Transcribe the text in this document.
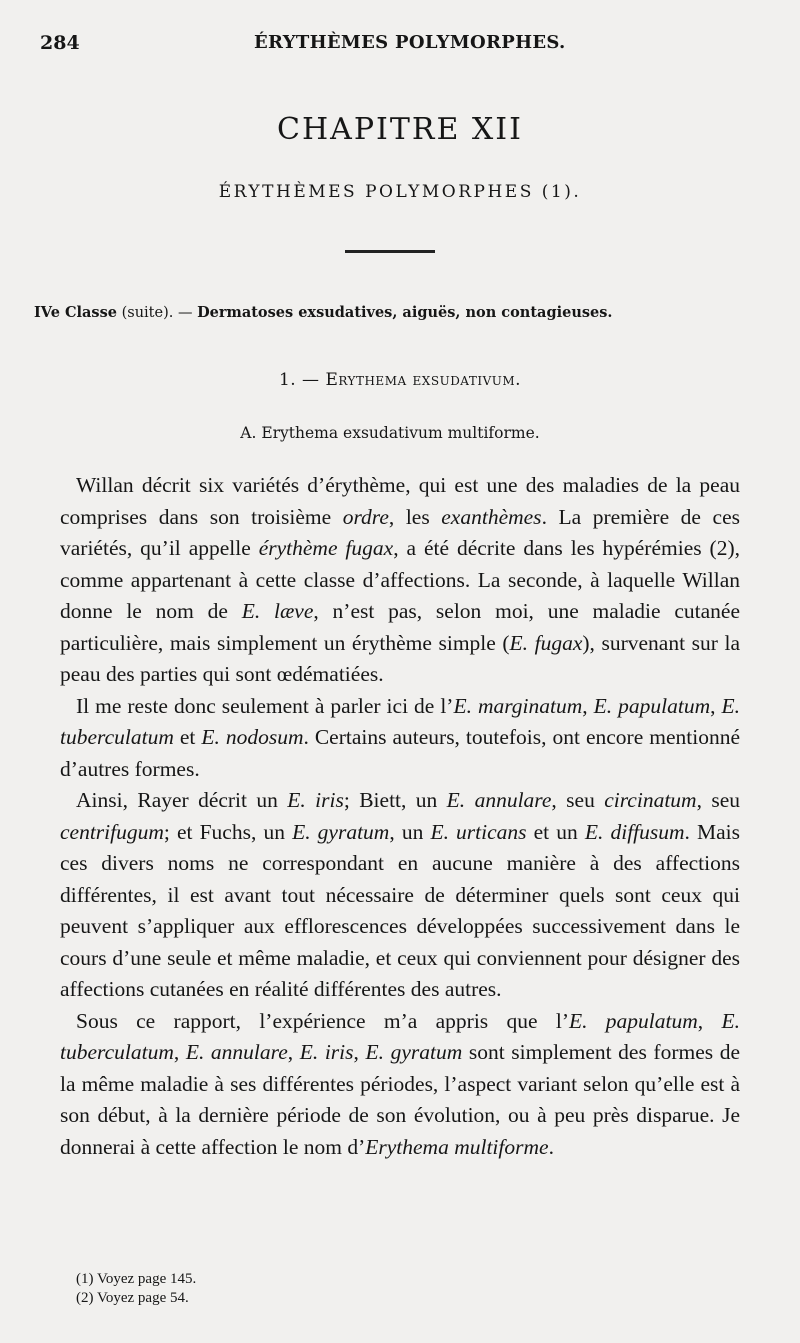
284	ÉRYTHÈMES POLYMORPHES.
CHAPITRE XII
ÉRYTHÈMES POLYMORPHES (1).
IVe Classe (suite). — Dermatoses exsudatives, aiguës, non contagieuses.
1. — Erythema exsudativum.
A. Erythema exsudativum multiforme.

Willan décrit six variétés d’érythème, qui est une des maladies de la peau comprises dans son troisième ordre, les exanthèmes. La première de ces variétés, qu’il appelle érythème fugax, a été décrite dans les hypérémies (2), comme appartenant à cette classe d’affections. La seconde, à laquelle Willan donne le nom de E. læve, n’est pas, selon moi, une maladie cutanée particulière, mais simplement un érythème simple (E. fugax), survenant sur la peau des parties qui sont œdématiées.

Il me reste donc seulement à parler ici de l’E. marginatum, E. papulatum, E. tuberculatum et E. nodosum. Certains auteurs, toutefois, ont encore mentionné d’autres formes.

Ainsi, Rayer décrit un E. iris; Biett, un E. annulare, seu circinatum, seu centrifugum; et Fuchs, un E. gyratum, un E. urticans et un E. diffusum. Mais ces divers noms ne correspondant en aucune manière à des affections différentes, il est avant tout nécessaire de déterminer quels sont ceux qui peuvent s’appliquer aux efflorescences développées successivement dans le cours d’une seule et même maladie, et ceux qui conviennent pour désigner des affections cutanées en réalité différentes des autres.

Sous ce rapport, l’expérience m’a appris que l’E. papulatum, E. tuberculatum, E. annulare, E. iris, E. gyratum sont simplement des formes de la même maladie à ses différentes périodes, l’aspect variant selon qu’elle est à son début, à la dernière période de son évolution, ou à peu près disparue. Je donnerai à cette affection le nom d’Erythema multiforme.

(1) Voyez page 145.
(2) Voyez page 54.
